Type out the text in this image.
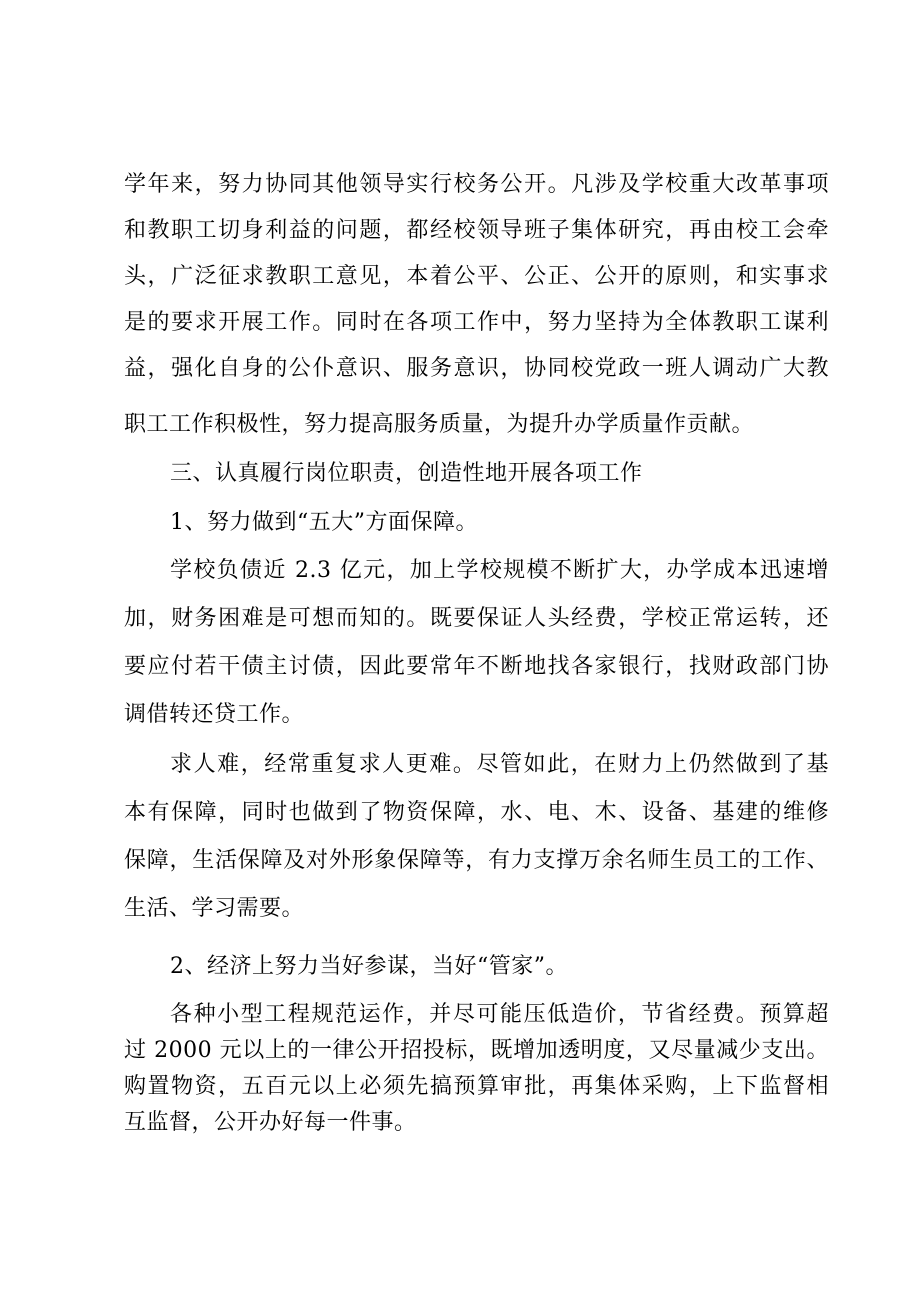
学年来，努力协同其他领导实行校务公开。凡涉及学校重大改革事项
和教职工切身利益的问题，都经校领导班子集体研究，再由校工会牵
头，广泛征求教职工意见，本着公平、公正、公开的原则，和实事求
是的要求开展工作。同时在各项工作中，努力坚持为全体教职工谋利
益，强化自身的公仆意识、服务意识，协同校党政一班人调动广大教
职工工作积极性，努力提高服务质量，为提升办学质量作贡献。
三、认真履行岗位职责，创造性地开展各项工作
1、努力做到“五大”方面保障。
学校负债近 2.3 亿元，加上学校规模不断扩大，办学成本迅速增
加，财务困难是可想而知的。既要保证人头经费，学校正常运转，还
要应付若干债主讨债，因此要常年不断地找各家银行，找财政部门协
调借转还贷工作。
求人难，经常重复求人更难。尽管如此，在财力上仍然做到了基
本有保障，同时也做到了物资保障，水、电、木、设备、基建的维修
保障，生活保障及对外形象保障等，有力支撑万余名师生员工的工作、
生活、学习需要。
2、经济上努力当好参谋，当好“管家”。
各种小型工程规范运作，并尽可能压低造价，节省经费。预算超
过 2000 元以上的一律公开招投标，既增加透明度，又尽量减少支出。
购置物资，五百元以上必须先搞预算审批，再集体采购，上下监督相
互监督，公开办好每一件事。
